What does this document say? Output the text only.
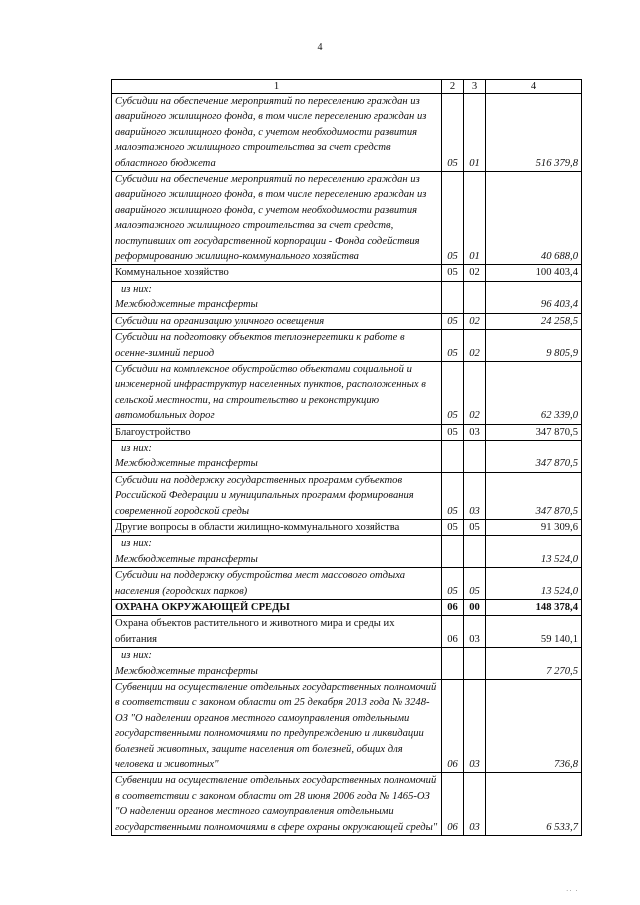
4
1	2	3	4
Субсидии на обеспечение мероприятий по переселению граждан из аварийного жилищного фонда, в том числе переселению граждан из аварийного жилищного фонда, с учетом необходимости развития малоэтажного жилищного строительства за счет средств областного бюджета	05	01	516 379,8
Субсидии на обеспечение мероприятий по переселению граждан из аварийного жилищного фонда, в том числе переселению граждан из аварийного жилищного фонда, с учетом необходимости развития малоэтажного жилищного строительства за счет средств, поступивших от государственной корпорации - Фонда содействия реформированию жилищно-коммунального хозяйства	05	01	40 688,0
Коммунальное хозяйство	05	02	100 403,4

из них:
Межбюджетные трансферты			96 403,4
Субсидии на организацию уличного освещения	05	02	24 258,5
Субсидии на подготовку объектов теплоэнергетики к работе в осенне-зимний период	05	02	9 805,9
Субсидии на комплексное обустройство объектами социальной и инженерной инфраструктур населенных пунктов, расположенных в сельской местности, на строительство и реконструкцию автомобильных дорог	05	02	62 339,0
Благоустройство	05	03	347 870,5

из них:
Межбюджетные трансферты			347 870,5
Субсидии на поддержку государственных программ субъектов Российской Федерации и муниципальных программ формирования современной городской среды	05	03	347 870,5
Другие вопросы в области жилищно-коммунального хозяйства	05	05	91 309,6

из них:
Межбюджетные трансферты			13 524,0
Субсидии на поддержку обустройства мест массового отдыха населения (городских парков)	05	05	13 524,0
ОХРАНА ОКРУЖАЮЩЕЙ СРЕДЫ	06	00	148 378,4
Охрана объектов растительного и животного мира и среды их обитания	06	03	59 140,1

из них:
Межбюджетные трансферты			7 270,5
Субвенции на осуществление отдельных государственных полномочий в соответствии с законом области от 25 декабря 2013 года № 3248-ОЗ "О наделении органов местного самоуправления отдельными государственными полномочиями по предупреждению и ликвидации болезней животных, защите населения от болезней, общих для человека и животных"	06	03	736,8
Субвенции на осуществление отдельных государственных полномочий в соответствии с законом области от 28 июня 2006 года № 1465-ОЗ "О наделении органов местного самоуправления отдельными государственными полномочиями в сфере охраны окружающей среды"	06	03	6 533,7
·· ·
